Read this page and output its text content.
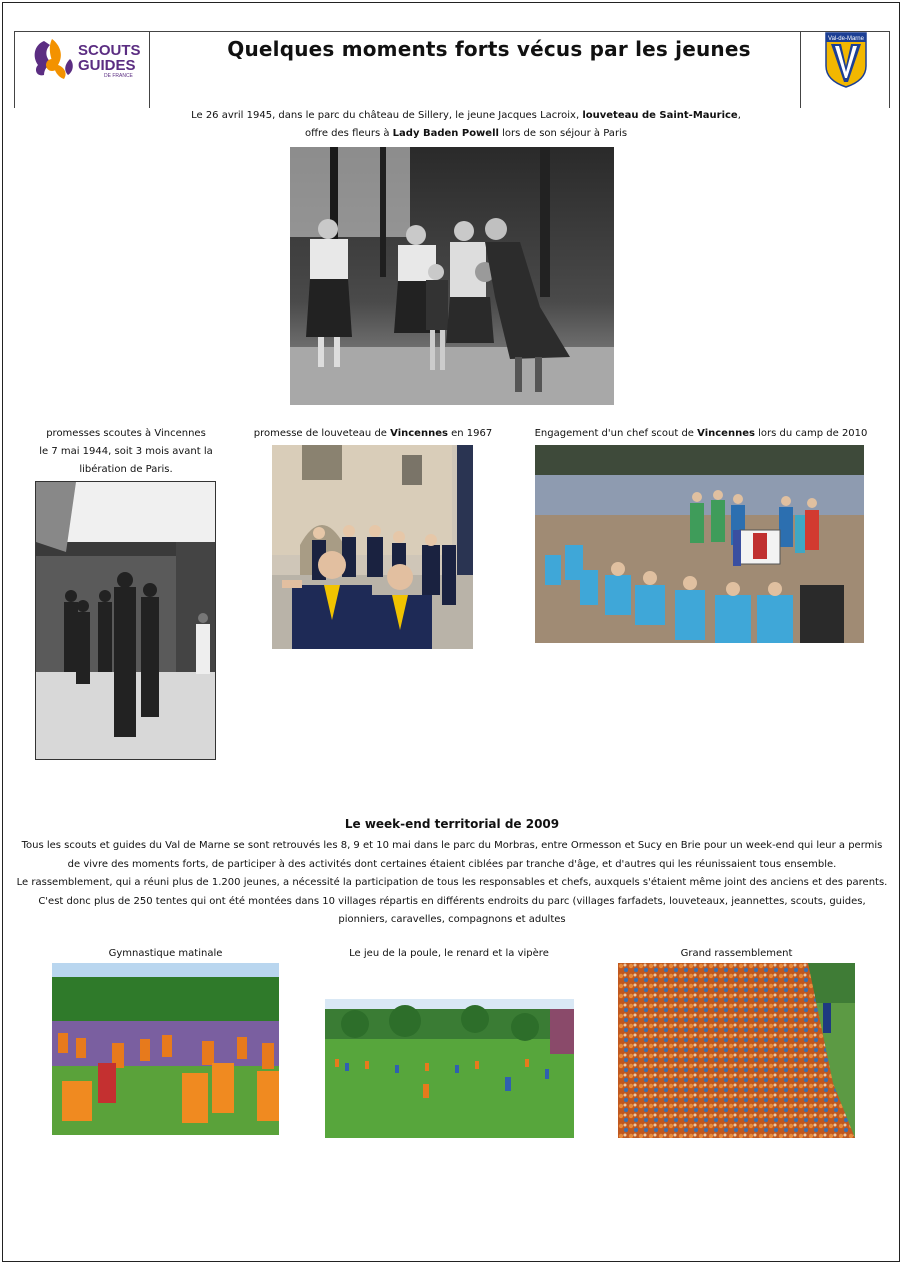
SCOUTS
GUIDES
DE FRANCE
Quelques moments forts vécus par les jeunes	Val-de-Marne
Le 26 avril 1945, dans le parc du château de Sillery, le jeune Jacques Lacroix, louveteau de Saint-Maurice,
offre des fleurs à Lady Baden Powell lors de son séjour à Paris
promesses scoutes à Vincennes
le 7 mai 1944, soit 3 mois avant la
libération de Paris.
promesse de louveteau de Vincennes en 1967	Engagement d'un chef scout de Vincennes lors du camp de 2010
Le week-end territorial de 2009
Tous les scouts et guides du Val de Marne se sont retrouvés les 8, 9 et 10 mai dans le parc du Morbras, entre Ormesson et Sucy en Brie pour un week-end qui leur a permis de vivre des moments forts, de participer à des activités dont certaines étaient ciblées par tranche d'âge, et d'autres qui les réunissaient tous ensemble.
Le rassemblement, qui a réuni plus de 1.200 jeunes, a nécessité la participation de tous les responsables et chefs, auxquels s'étaient même joint des anciens et des parents. C'est donc plus de 250 tentes qui ont été montées dans 10 villages répartis en différents endroits du parc (villages farfadets, louveteaux, jeannettes, scouts, guides, pionniers, caravelles, compagnons et adultes
Gymnastique matinale	Le jeu de la poule, le renard et la vipère	Grand rassemblement
